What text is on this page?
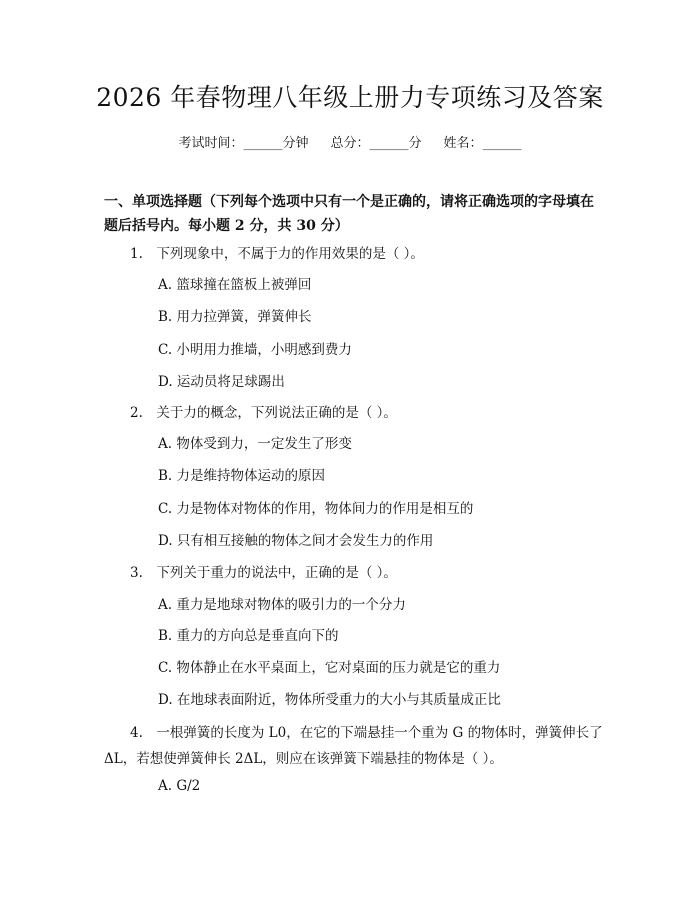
2026 年春物理八年级上册力专项练习及答案
考试时间：______分钟 总分：______分 姓名：______
一、单项选择题（下列每个选项中只有一个是正确的，请将正确选项的字母填在题后括号内。每小题 2 分，共 30 分）
1.　下列现象中，不属于力的作用效果的是（ ）。
A. 篮球撞在篮板上被弹回
B. 用力拉弹簧，弹簧伸长
C. 小明用力推墙，小明感到费力
D. 运动员将足球踢出
2.　关于力的概念，下列说法正确的是（ ）。
A. 物体受到力，一定发生了形变
B. 力是维持物体运动的原因
C. 力是物体对物体的作用，物体间力的作用是相互的
D. 只有相互接触的物体之间才会发生力的作用
3.　下列关于重力的说法中，正确的是（ ）。
A. 重力是地球对物体的吸引力的一个分力
B. 重力的方向总是垂直向下的
C. 物体静止在水平桌面上，它对桌面的压力就是它的重力
D. 在地球表面附近，物体所受重力的大小与其质量成正比
4.　一根弹簧的长度为 L0，在它的下端悬挂一个重为 G 的物体时，弹簧伸长了 ΔL，若想使弹簧伸长 2ΔL，则应在该弹簧下端悬挂的物体是（ ）。
A. G/2
